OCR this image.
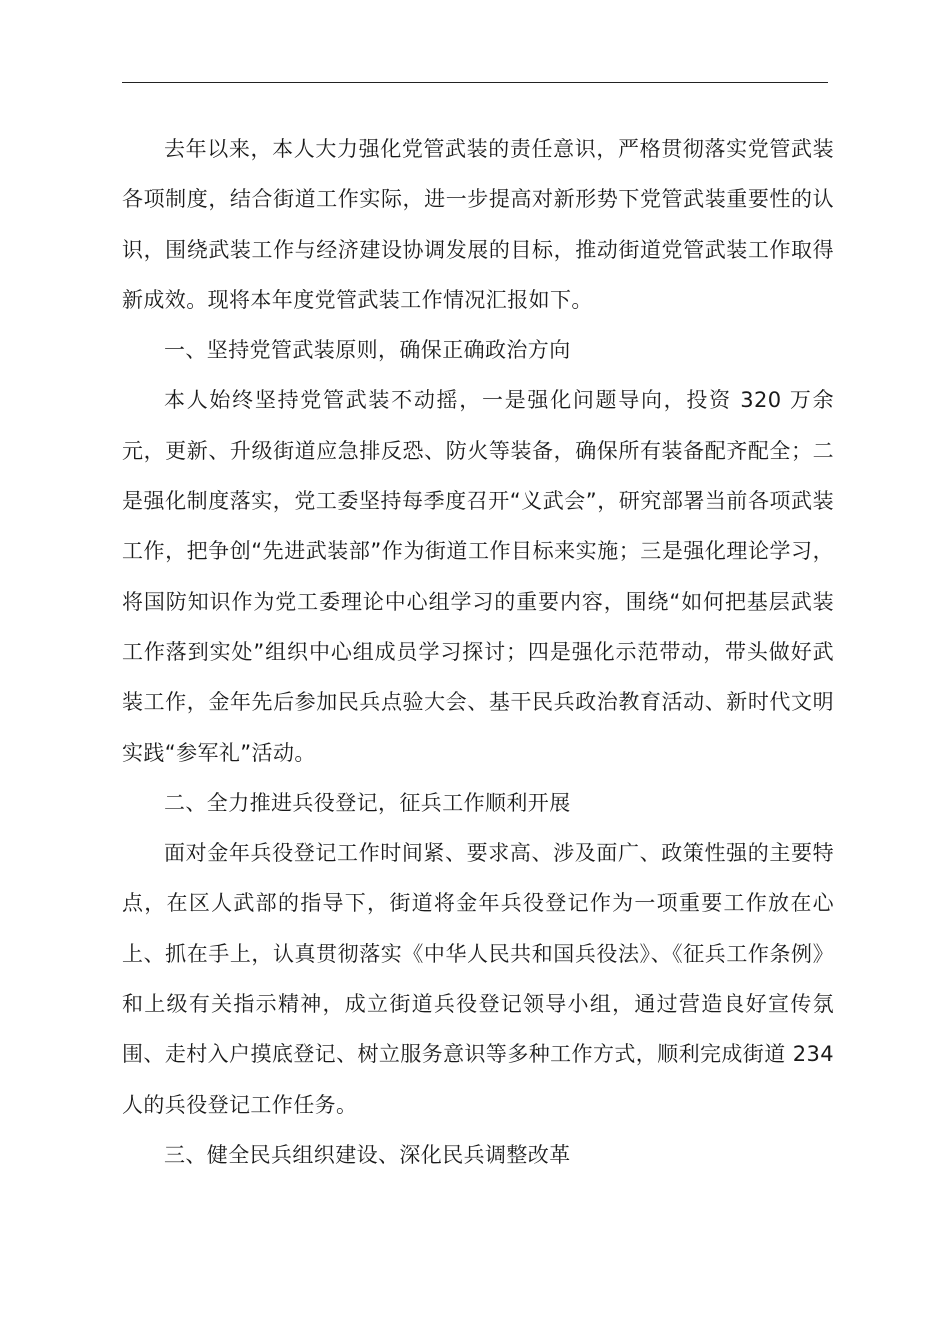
去年以来，本人大力强化党管武装的责任意识，严格贯彻落实党管武装各项制度，结合街道工作实际，进一步提高对新形势下党管武装重要性的认识，围绕武装工作与经济建设协调发展的目标，推动街道党管武装工作取得新成效。现将本年度党管武装工作情况汇报如下。

一、坚持党管武装原则，确保正确政治方向

本人始终坚持党管武装不动摇，一是强化问题导向，投资 320 万余元，更新、升级街道应急排反恐、防火等装备，确保所有装备配齐配全；二是强化制度落实，党工委坚持每季度召开“义武会”，研究部署当前各项武装工作，把争创“先进武装部”作为街道工作目标来实施；三是强化理论学习，将国防知识作为党工委理论中心组学习的重要内容，围绕“如何把基层武装工作落到实处”组织中心组成员学习探讨；四是强化示范带动，带头做好武装工作，金年先后参加民兵点验大会、基干民兵政治教育活动、新时代文明实践“参军礼”活动。

二、全力推进兵役登记，征兵工作顺利开展

面对金年兵役登记工作时间紧、要求高、涉及面广、政策性强的主要特点，在区人武部的指导下，街道将金年兵役登记作为一项重要工作放在心上、抓在手上，认真贯彻落实《中华人民共和国兵役法》、《征兵工作条例》和上级有关指示精神，成立街道兵役登记领导小组，通过营造良好宣传氛围、走村入户摸底登记、树立服务意识等多种工作方式，顺利完成街道 234 人的兵役登记工作任务。

三、健全民兵组织建设、深化民兵调整改革
